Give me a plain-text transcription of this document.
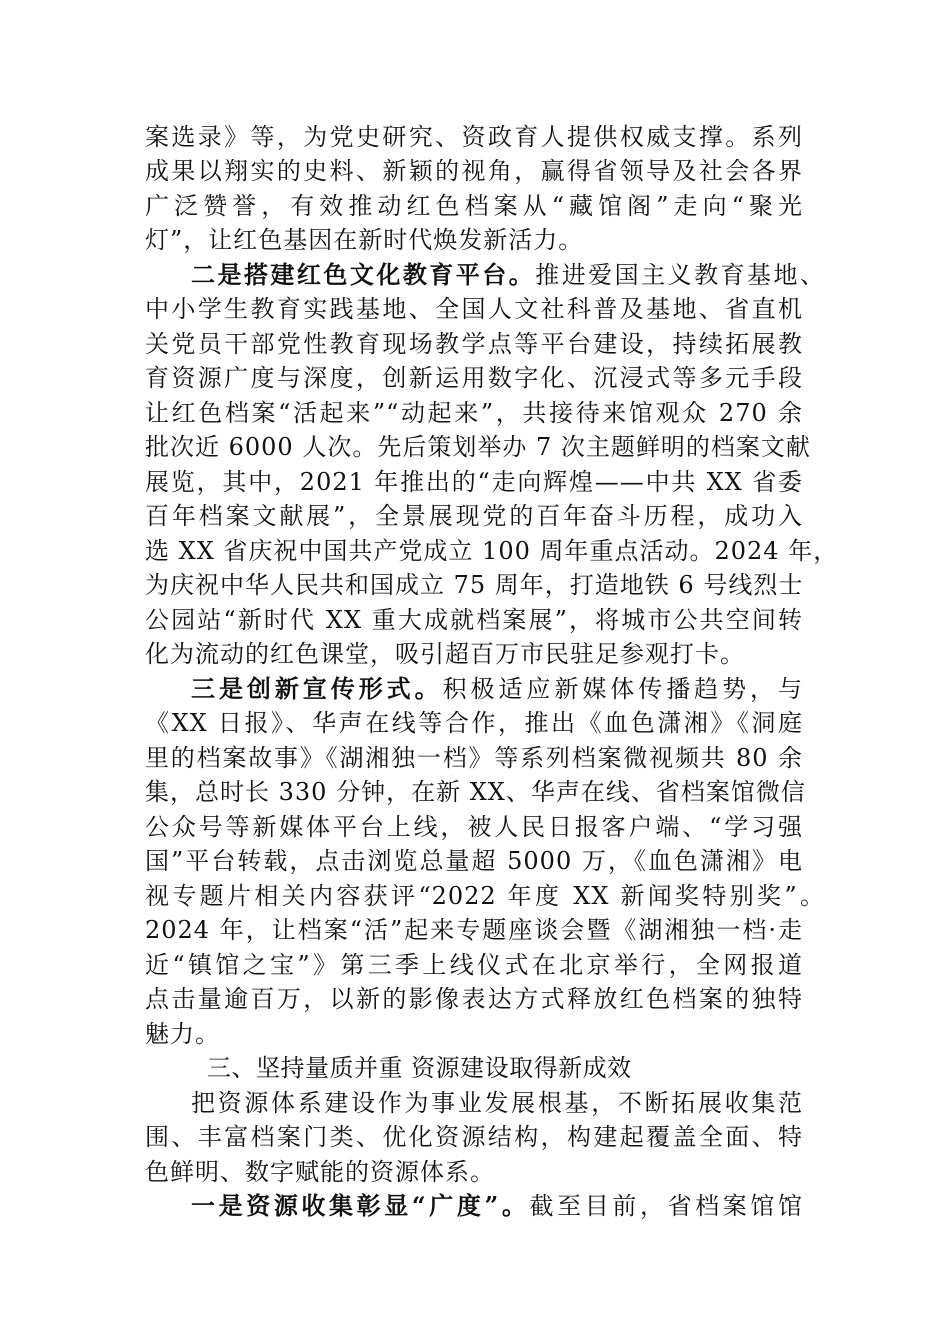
案选录》等，为党史研究、资政育人提供权威支撑。系列
成果以翔实的史料、新颖的视角，赢得省领导及社会各界
广泛赞誉，有效推动红色档案从“藏馆阁”走向“聚光
灯”，让红色基因在新时代焕发新活力。
二是搭建红色文化教育平台。推进爱国主义教育基地、
中小学生教育实践基地、全国人文社科普及基地、省直机
关党员干部党性教育现场教学点等平台建设，持续拓展教
育资源广度与深度，创新运用数字化、沉浸式等多元手段
让红色档案“活起来”“动起来”，共接待来馆观众 270 余
批次近 6000 人次。先后策划举办 7 次主题鲜明的档案文献
展览，其中，2021 年推出的“走向辉煌——中共 XX 省委
百年档案文献展”，全景展现党的百年奋斗历程，成功入
选 XX 省庆祝中国共产党成立 100 周年重点活动。2024 年，
为庆祝中华人民共和国成立 75 周年，打造地铁 6 号线烈士
公园站“新时代 XX 重大成就档案展”，将城市公共空间转
化为流动的红色课堂，吸引超百万市民驻足参观打卡。
三是创新宣传形式。积极适应新媒体传播趋势，与
《XX 日报》、华声在线等合作，推出《血色潇湘》《洞庭
里的档案故事》《湖湘独一档》等系列档案微视频共 80 余
集，总时长 330 分钟，在新 XX、华声在线、省档案馆微信
公众号等新媒体平台上线，被人民日报客户端、“学习强
国”平台转载，点击浏览总量超 5000 万，《血色潇湘》电
视专题片相关内容获评“2022 年度 XX 新闻奖特别奖”。
2024 年，让档案“活”起来专题座谈会暨《湖湘独一档·走
近“镇馆之宝”》第三季上线仪式在北京举行，全网报道
点击量逾百万，以新的影像表达方式释放红色档案的独特
魅力。
三、坚持量质并重 资源建设取得新成效
把资源体系建设作为事业发展根基，不断拓展收集范
围、丰富档案门类、优化资源结构，构建起覆盖全面、特
色鲜明、数字赋能的资源体系。
一是资源收集彰显“广度”。截至目前，省档案馆馆
